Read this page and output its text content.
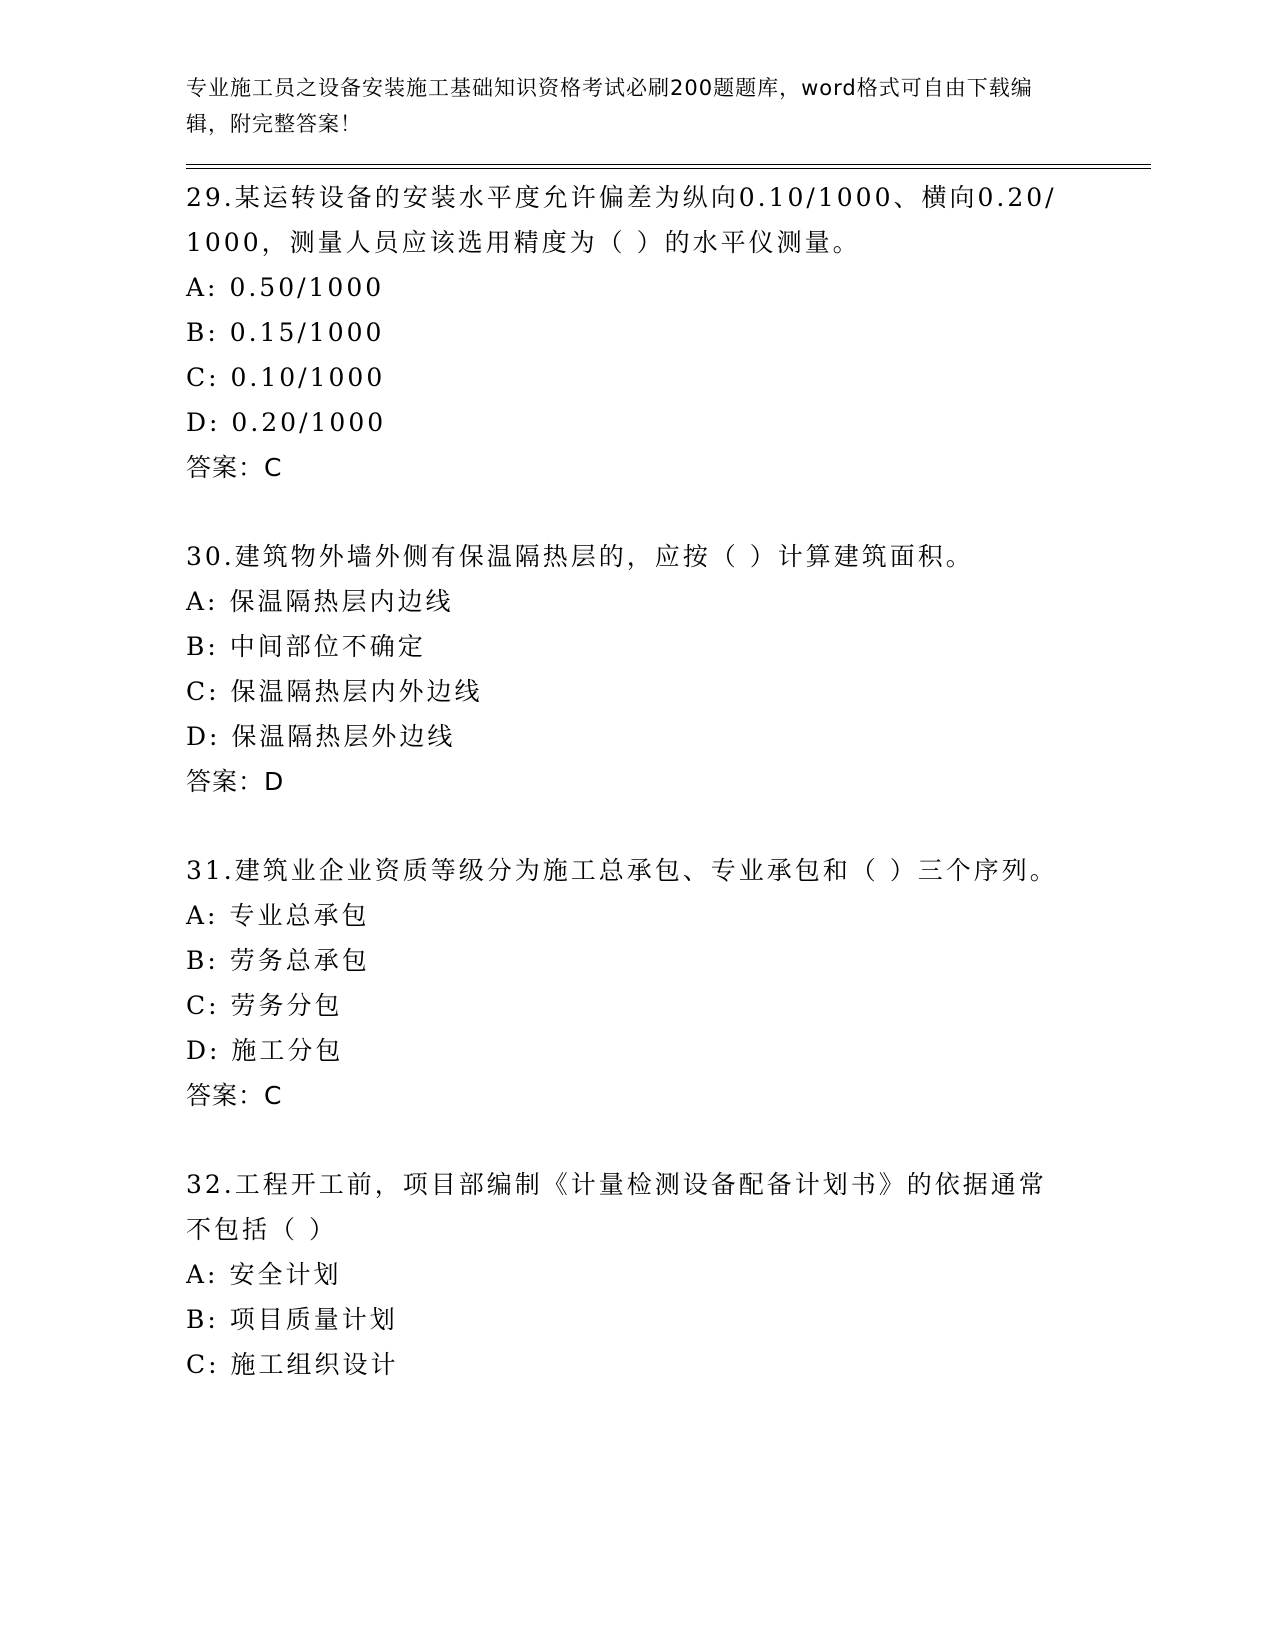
专业施工员之设备安装施工基础知识资格考试必刷200题题库，word格式可自由下载编辑，附完整答案！
29.某运转设备的安装水平度允许偏差为纵向0.10/1000、横向0.20/1000，测量人员应该选用精度为（ ）的水平仪测量。
A: 0.50/1000
B: 0.15/1000
C: 0.10/1000
D: 0.20/1000
答案：C
30.建筑物外墙外侧有保温隔热层的，应按（ ）计算建筑面积。
A: 保温隔热层内边线
B: 中间部位不确定
C: 保温隔热层内外边线
D: 保温隔热层外边线
答案：D
31.建筑业企业资质等级分为施工总承包、专业承包和（ ）三个序列。
A: 专业总承包
B: 劳务总承包
C: 劳务分包
D: 施工分包
答案：C
32.工程开工前，项目部编制《计量检测设备配备计划书》的依据通常不包括（ ）
A: 安全计划
B: 项目质量计划
C: 施工组织设计
